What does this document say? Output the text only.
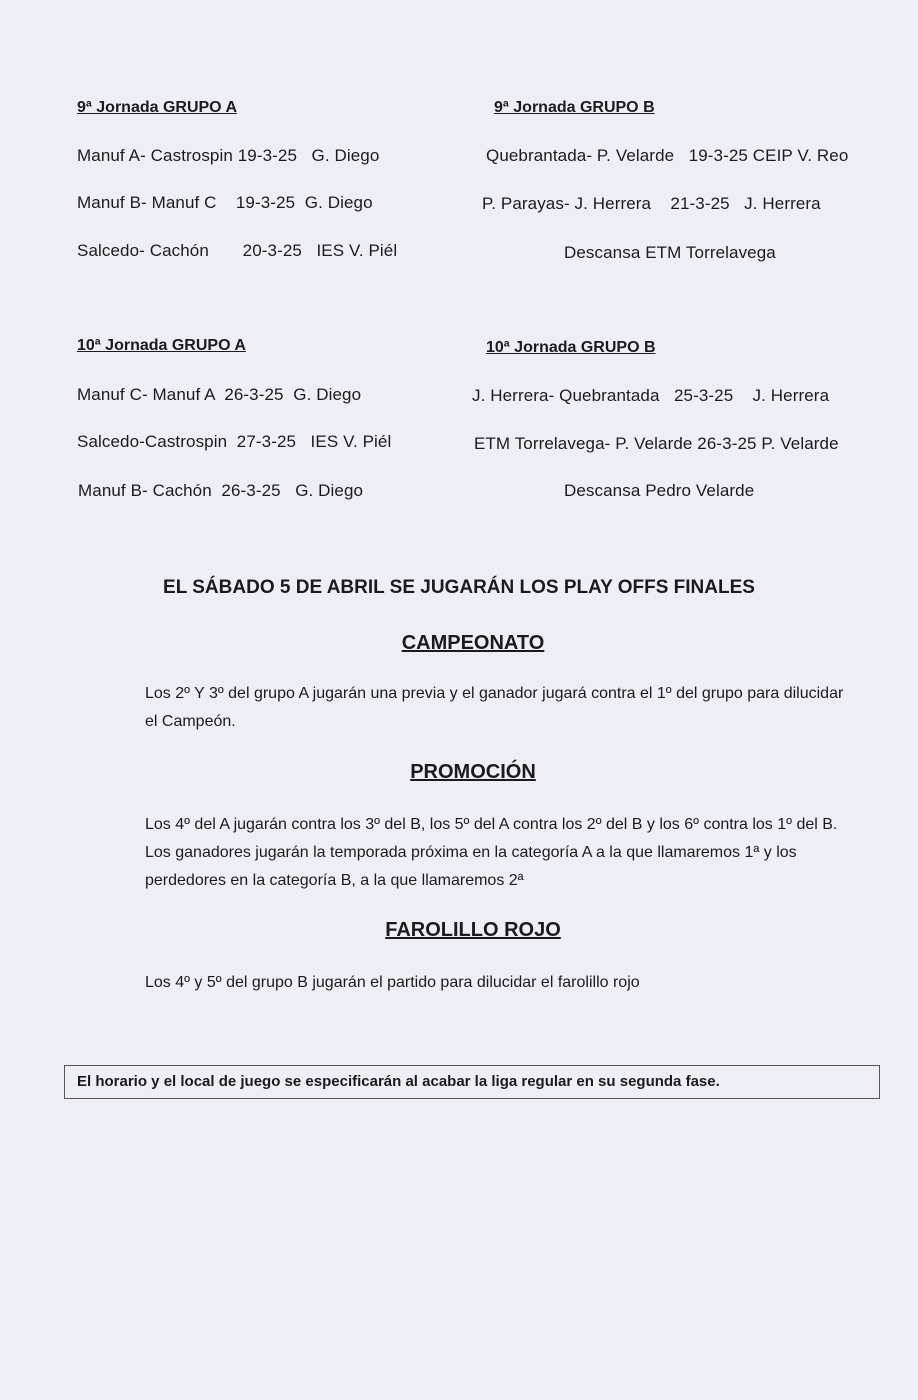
9ª Jornada GRUPO A
Manuf A- Castrospin 19-3-25   G. Diego
Manuf B- Manuf C    19-3-25  G. Diego
Salcedo- Cachón       20-3-25   IES V. Piél
9ª Jornada GRUPO B
Quebrantada- P. Velarde   19-3-25 CEIP V. Reo
P. Parayas- J. Herrera    21-3-25   J. Herrera
Descansa ETM Torrelavega
10ª Jornada GRUPO A
Manuf C- Manuf A  26-3-25  G. Diego
Salcedo-Castrospin  27-3-25   IES V. Piél
Manuf B- Cachón  26-3-25   G. Diego
10ª Jornada GRUPO B
J. Herrera- Quebrantada   25-3-25    J. Herrera
ETM Torrelavega- P. Velarde 26-3-25 P. Velarde
Descansa Pedro Velarde
EL SÁBADO 5 DE ABRIL SE JUGARÁN LOS PLAY OFFS FINALES
CAMPEONATO
Los 2º Y 3º del grupo A jugarán una previa y el ganador jugará contra el 1º del grupo para dilucidar el Campeón.
PROMOCIÓN
Los 4º del A jugarán contra los 3º del B, los 5º del A contra los 2º del B y los 6º contra los 1º del B. Los ganadores jugarán la temporada próxima en la categoría A a la que llamaremos 1ª y los perdedores en la categoría B, a la que llamaremos 2ª
FAROLILLO ROJO
Los 4º y 5º del grupo B jugarán el partido para dilucidar el farolillo rojo
El horario y el local de juego se especificarán al acabar la liga regular en su segunda fase.
